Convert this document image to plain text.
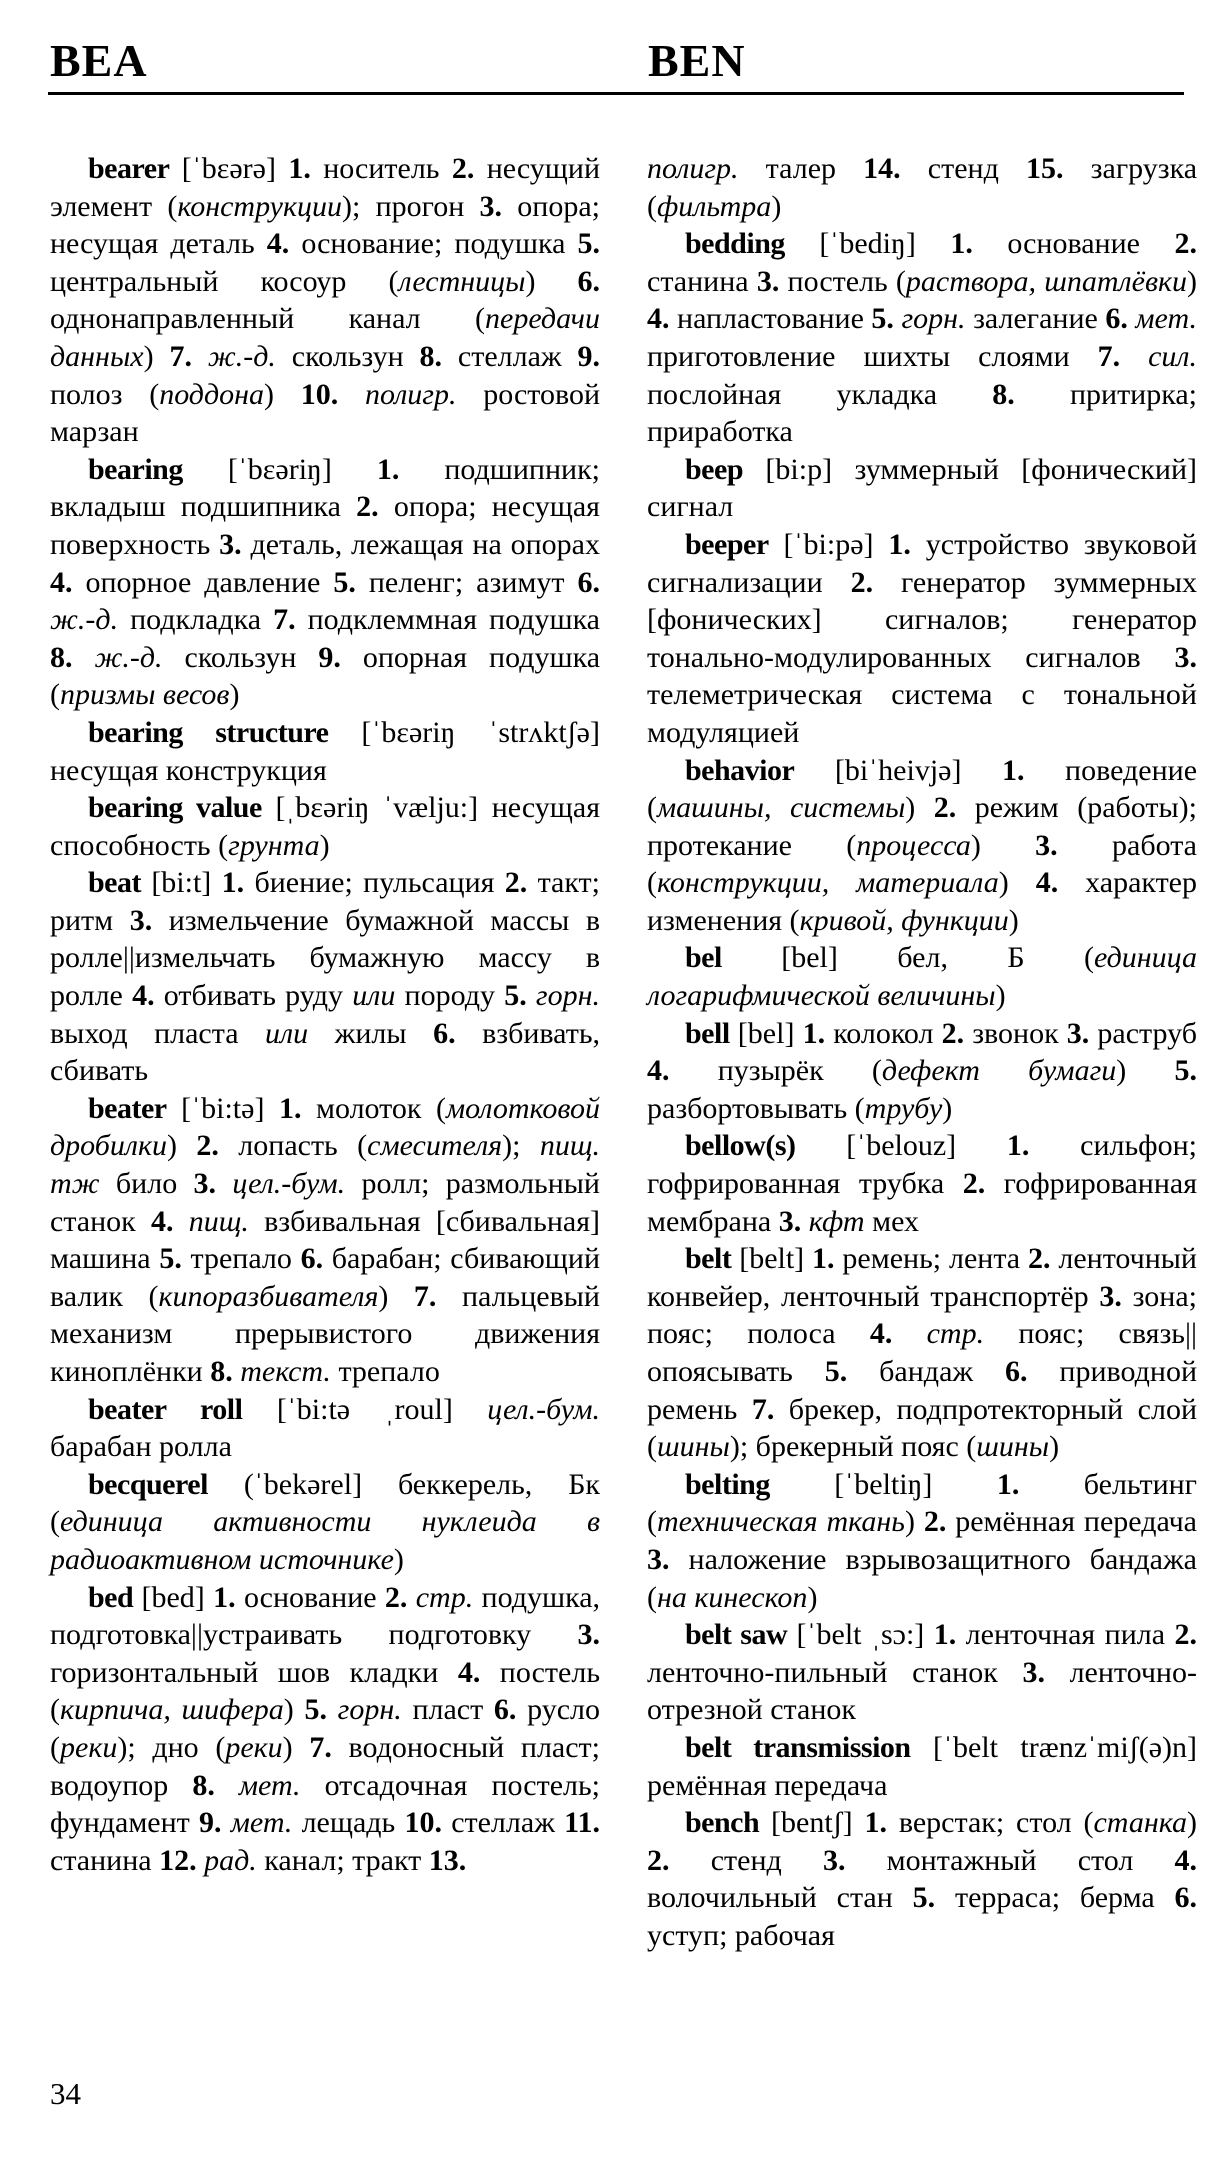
BEA	BEN

bearer [ˈbɛərə] 1. носитель 2. несущий элемент (конструкции); прогон 3. опора; несущая деталь 4. основание; подушка 5. центральный косоур (лестницы) 6. однонаправленный канал (передачи данных) 7. ж.-д. скользун 8. стеллаж 9. полоз (поддона) 10. полигр. ростовой марзан

bearing [ˈbɛəriŋ] 1. подшипник; вкладыш подшипника 2. опора; несущая поверхность 3. деталь, лежащая на опорах 4. опорное давление 5. пеленг; азимут 6. ж.-д. подкладка 7. подклеммная подушка 8. ж.-д. скользун 9. опорная подушка (призмы весов)

bearing structure [ˈbɛəriŋ ˈstrʌktʃə] несущая конструкция

bearing value [ˌbɛəriŋ ˈvælju:] несущая способность (грунта)

beat [bi:t] 1. биение; пульсация 2. такт; ритм 3. измельчение бумажной массы в ролле||измельчать бумажную массу в ролле 4. отбивать руду или породу 5. горн. выход пласта или жилы 6. взбивать, сбивать

beater [ˈbi:tə] 1. молоток (молотковой дробилки) 2. лопасть (смесителя); пищ. тж било 3. цел.-бум. ролл; размольный станок 4. пищ. взбивальная [сбивальная] машина 5. трепало 6. барабан; сбивающий валик (кипоразбивателя) 7. пальцевый механизм прерывистого движения киноплёнки 8. текст. трепало

beater roll [ˈbi:tə ˌroul] цел.-бум. барабан ролла

becquerel (ˈbekərel] беккерель, Бк (единица активности нуклеида в радиоактивном источнике)

bed [bed] 1. основание 2. стр. подушка, подготовка||устраивать подготовку 3. горизонтальный шов кладки 4. постель (кирпича, шифера) 5. горн. пласт 6. русло (реки); дно (реки) 7. водоносный пласт; водоупор 8. мет. отсадочная постель; фундамент 9. мет. лещадь 10. стеллаж 11. станина 12. рад. канал; тракт 13.

полигр. талер 14. стенд 15. загрузка (фильтра)

bedding [ˈbediŋ] 1. основание 2. станина 3. постель (раствора, шпатлёвки) 4. напластование 5. горн. залегание 6. мет. приготовление шихты слоями 7. сил. послойная укладка 8. притирка; приработка

beep [bi:p] зуммерный [фонический] сигнал

beeper [ˈbi:pə] 1. устройство звуковой сигнализации 2. генератор зуммерных [фонических] сигналов; генератор тонально-модулированных сигналов 3. телеметрическая система с тональной модуляцией

behavior [biˈheivjə] 1. поведение (машины, системы) 2. режим (работы); протекание (процесса) 3. работа (конструкции, материала) 4. характер изменения (кривой, функции)

bel [bel] бел, Б (единица логарифмической величины)

bell [bel] 1. колокол 2. звонок 3. раструб 4. пузырёк (дефект бумаги) 5. разбортовывать (трубу)

bellow(s) [ˈbelouz] 1. сильфон; гофрированная трубка 2. гофрированная мембрана 3. кфт мех

belt [belt] 1. ремень; лента 2. ленточный конвейер, ленточный транспортёр 3. зона; пояс; полоса 4. стр. пояс; связь||опоясывать 5. бандаж 6. приводной ремень 7. брекер, подпротекторный слой (шины); брекерный пояс (шины)

belting [ˈbeltiŋ] 1. бельтинг (техническая ткань) 2. ремённая передача 3. наложение взрывозащитного бандажа (на кинескоп)

belt saw [ˈbelt ˌsɔ:] 1. ленточная пила 2. ленточно-пильный станок 3. ленточно-отрезной станок

belt transmission [ˈbelt trænzˈmiʃ(ə)n] ремённая передача

bench [bentʃ] 1. верстак; стол (станка) 2. стенд 3. монтажный стол 4. волочильный стан 5. терраса; берма 6. уступ; рабочая

34
